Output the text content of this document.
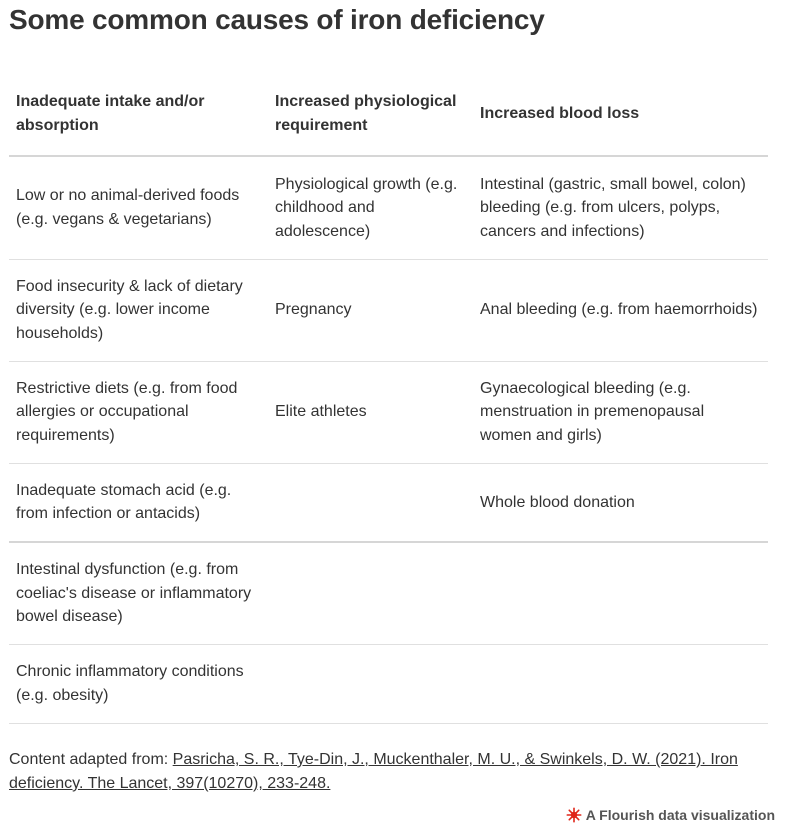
Some common causes of iron deficiency
Inadequate intake and/or absorption	Increased physiological requirement	Increased blood loss
Low or no animal-derived foods (e.g. vegans & vegetarians)	Physiological growth (e.g. childhood and adolescence)	Intestinal (gastric, small bowel, colon) bleeding (e.g. from ulcers, polyps, cancers and infections)
Food insecurity & lack of dietary diversity (e.g. lower income households)	Pregnancy	Anal bleeding (e.g. from haemorrhoids)
Restrictive diets (e.g. from food allergies or occupational requirements)	Elite athletes	Gynaecological bleeding (e.g. menstruation in premenopausal women and girls)
Inadequate stomach acid (e.g. from infection or antacids)		Whole blood donation
Intestinal dysfunction (e.g. from coeliac's disease or inflammatory bowel disease)		
Chronic inflammatory conditions (e.g. obesity)		
Content adapted from: Pasricha, S. R., Tye-Din, J., Muckenthaler, M. U., & Swinkels, D. W. (2021). Iron deficiency. The Lancet, 397(10270), 233-248.
A Flourish data visualization
